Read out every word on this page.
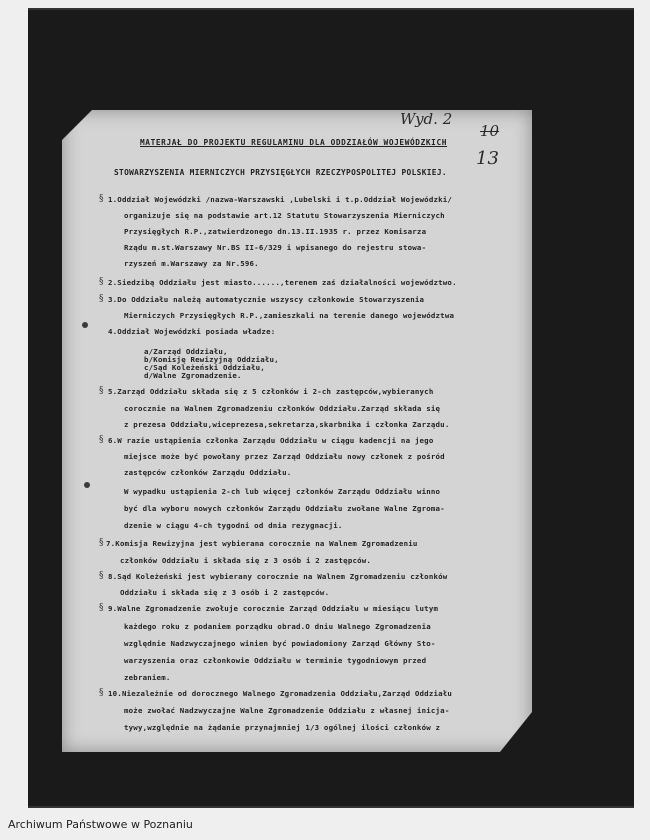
Wyd. 2
10
13
MATERJAŁ DO PROJEKTU REGULAMINU DLA ODDZIAŁÓW WOJEWÓDZKICH
STOWARZYSZENIA MIERNICZYCH PRZYSIĘGŁYCH RZECZYPOSPOLITEJ POLSKIEJ.
§
§
§
§
§
§
§
§
§
1.Oddział Wojewódzki /nazwa-Warszawski ,Lubelski i t.p.Oddział Wojewódzki/
organizuje się na podstawie art.12 Statutu Stowarzyszenia Mierniczych
Przysięgłych R.P.,zatwierdzonego dn.13.II.1935 r. przez Komisarza
Rządu m.st.Warszawy Nr.BS II-6/329 i wpisanego do rejestru stowa-
rzyszeń m.Warszawy za Nr.596.
2.Siedzibą Oddziału jest miasto......,terenem zaś działalności województwo.
3.Do Oddziału należą automatycznie wszyscy członkowie Stowarzyszenia
Mierniczych Przysięgłych R.P.,zamieszkali na terenie danego województwa
4.Oddział Wojewódzki posiada władze:
a/Zarząd Oddziału,
b/Komisję Rewizyjną Oddziału,
c/Sąd Koleżeński Oddziału,
d/Walne Zgromadzenie.
5.Zarząd Oddziału składa się z 5 członków i 2-ch zastępców,wybieranych
corocznie na Walnem Zgromadzeniu członków Oddziału.Zarząd składa się
z prezesa Oddziału,wiceprezesa,sekretarza,skarbnika i członka Zarządu.
6.W razie ustąpienia członka Zarządu Oddziału w ciągu kadencji na jego
miejsce może być powołany przez Zarząd Oddziału nowy członek z pośród
zastępców członków Zarządu Oddziału.
W wypadku ustąpienia 2-ch lub więcej członków Zarządu Oddziału winno
być dla wyboru nowych członków Zarządu Oddziału zwołane Walne Zgroma-
dzenie w ciągu 4-ch tygodni od dnia rezygnacji.
7.Komisja Rewizyjna jest wybierana corocznie na Walnem Zgromadzeniu
członków Oddziału i składa się z 3 osób i 2 zastępców.
8.Sąd Koleżeński jest wybierany corocznie na Walnem Zgromadzeniu członków
Oddziału i składa się z 3 osób i 2 zastępców.
9.Walne Zgromadzenie zwołuje corocznie Zarząd Oddziału w miesiącu lutym
każdego roku z podaniem porządku obrad.O dniu Walnego Zgromadzenia
względnie Nadzwyczajnego winien być powiadomiony Zarząd Główny Sto-
warzyszenia oraz członkowie Oddziału w terminie tygodniowym przed
zebraniem.
10.Niezależnie od dorocznego Walnego Zgromadzenia Oddziału,Zarząd Oddziału
może zwołać Nadzwyczajne Walne Zgromadzenie Oddziału z własnej inicja-
tywy,względnie na żądanie przynajmniej 1/3 ogólnej ilości członków z
Archiwum Państwowe w Poznaniu
